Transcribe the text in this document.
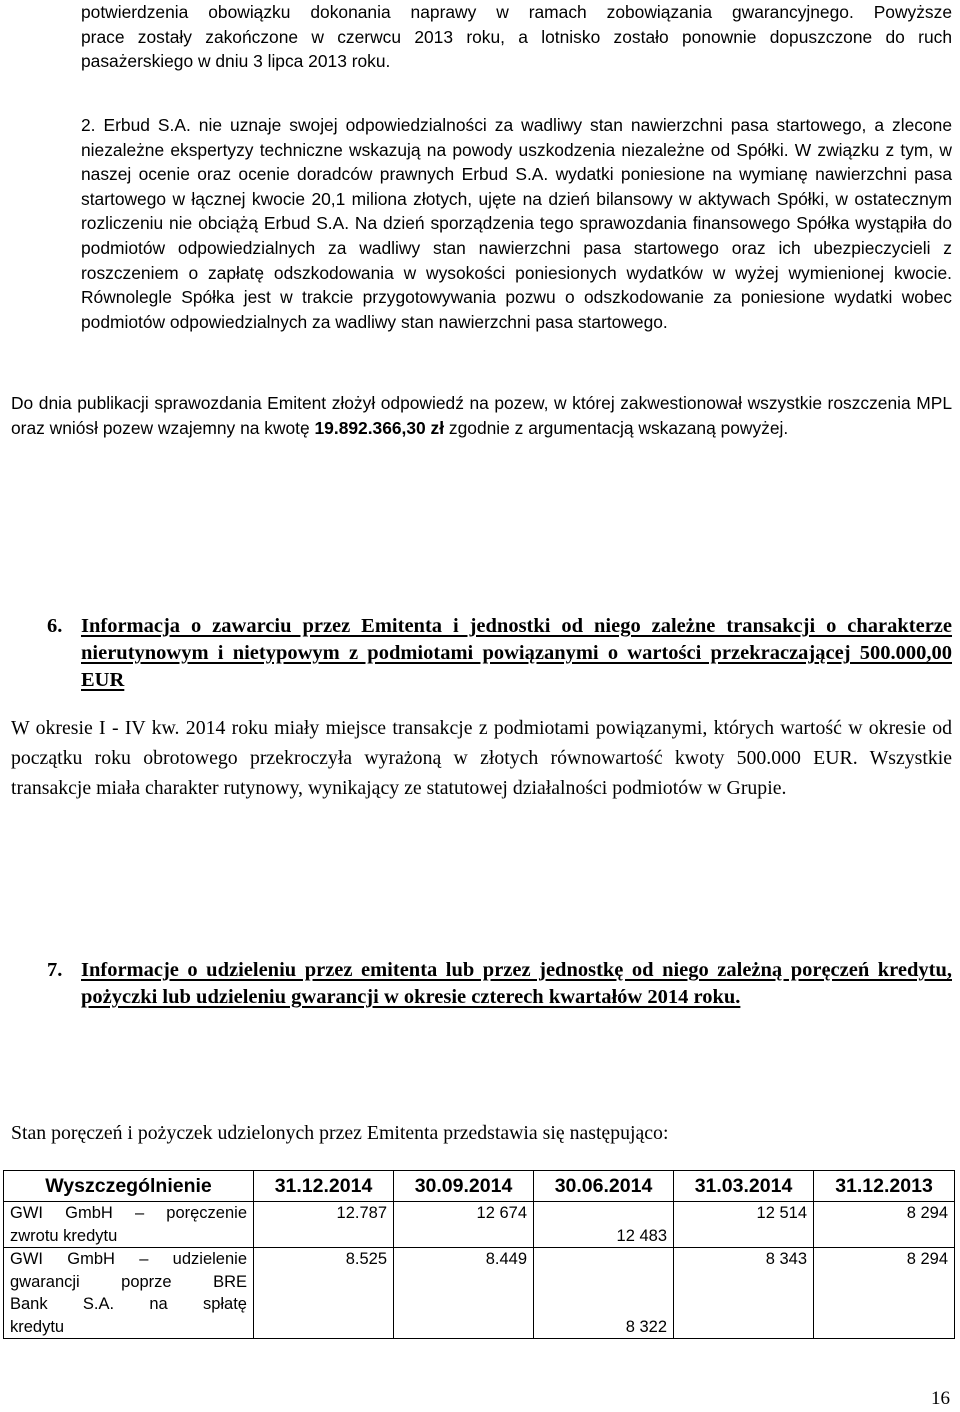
potwierdzenia obowiązku dokonania naprawy w ramach zobowiązania gwarancyjnego. Powyższe
prace zostały zakończone w czerwcu 2013 roku, a lotnisko zostało ponownie dopuszczone do ruch
pasażerskiego w dniu 3 lipca 2013 roku.
2. Erbud S.A. nie uznaje swojej odpowiedzialności za wadliwy stan nawierzchni pasa startowego, a zlecone niezależne ekspertyzy techniczne wskazują na powody uszkodzenia niezależne od Spółki. W związku z tym, w naszej ocenie oraz ocenie doradców prawnych Erbud S.A. wydatki poniesione na wymianę nawierzchni pasa startowego w łącznej kwocie 20,1 miliona złotych, ujęte na dzień bilansowy w aktywach Spółki, w ostatecznym rozliczeniu nie obciążą Erbud S.A. Na dzień sporządzenia tego sprawozdania finansowego Spółka wystąpiła do podmiotów odpowiedzialnych za wadliwy stan nawierzchni pasa startowego oraz ich ubezpieczycieli z roszczeniem o zapłatę odszkodowania w wysokości poniesionych wydatków w wyżej wymienionej kwocie. Równolegle Spółka jest w trakcie przygotowywania pozwu o odszkodowanie za poniesione wydatki wobec podmiotów odpowiedzialnych za wadliwy stan nawierzchni pasa startowego.
Do dnia publikacji sprawozdania Emitent złożył odpowiedź na pozew, w której zakwestionował wszystkie roszczenia MPL oraz wniósł pozew wzajemny na kwotę 19.892.366,30 zł zgodnie z argumentacją wskazaną powyżej.
6. Informacja o zawarciu przez Emitenta i jednostki od niego zależne transakcji o charakterze nierutynowym i nietypowym z podmiotami powiązanymi o wartości przekraczającej 500.000,00 EUR
W okresie I - IV kw. 2014 roku miały miejsce transakcje z podmiotami powiązanymi, których wartość w okresie od początku roku obrotowego przekroczyła wyrażoną w złotych równowartość kwoty 500.000 EUR. Wszystkie transakcje miała charakter rutynowy, wynikający ze statutowej działalności podmiotów w Grupie.
7. Informacje o udzieleniu przez emitenta lub przez jednostkę od niego zależną poręczeń kredytu, pożyczki lub udzieleniu gwarancji w okresie czterech kwartałów 2014 roku.
Stan poręczeń i pożyczek udzielonych przez Emitenta przedstawia się następująco:
Wyszczególnienie	31.12.2014	30.09.2014	30.06.2014	31.03.2014	31.12.2013

GWI GmbH – poręczenie
zwrotu kredytu	12.787	12 674	12 483	12 514	8 294

GWI GmbH – udzielenie
gwarancji poprze BRE
Bank S.A. na spłatę
kredytu	8.525	8.449	8 322	8 343	8 294
16
